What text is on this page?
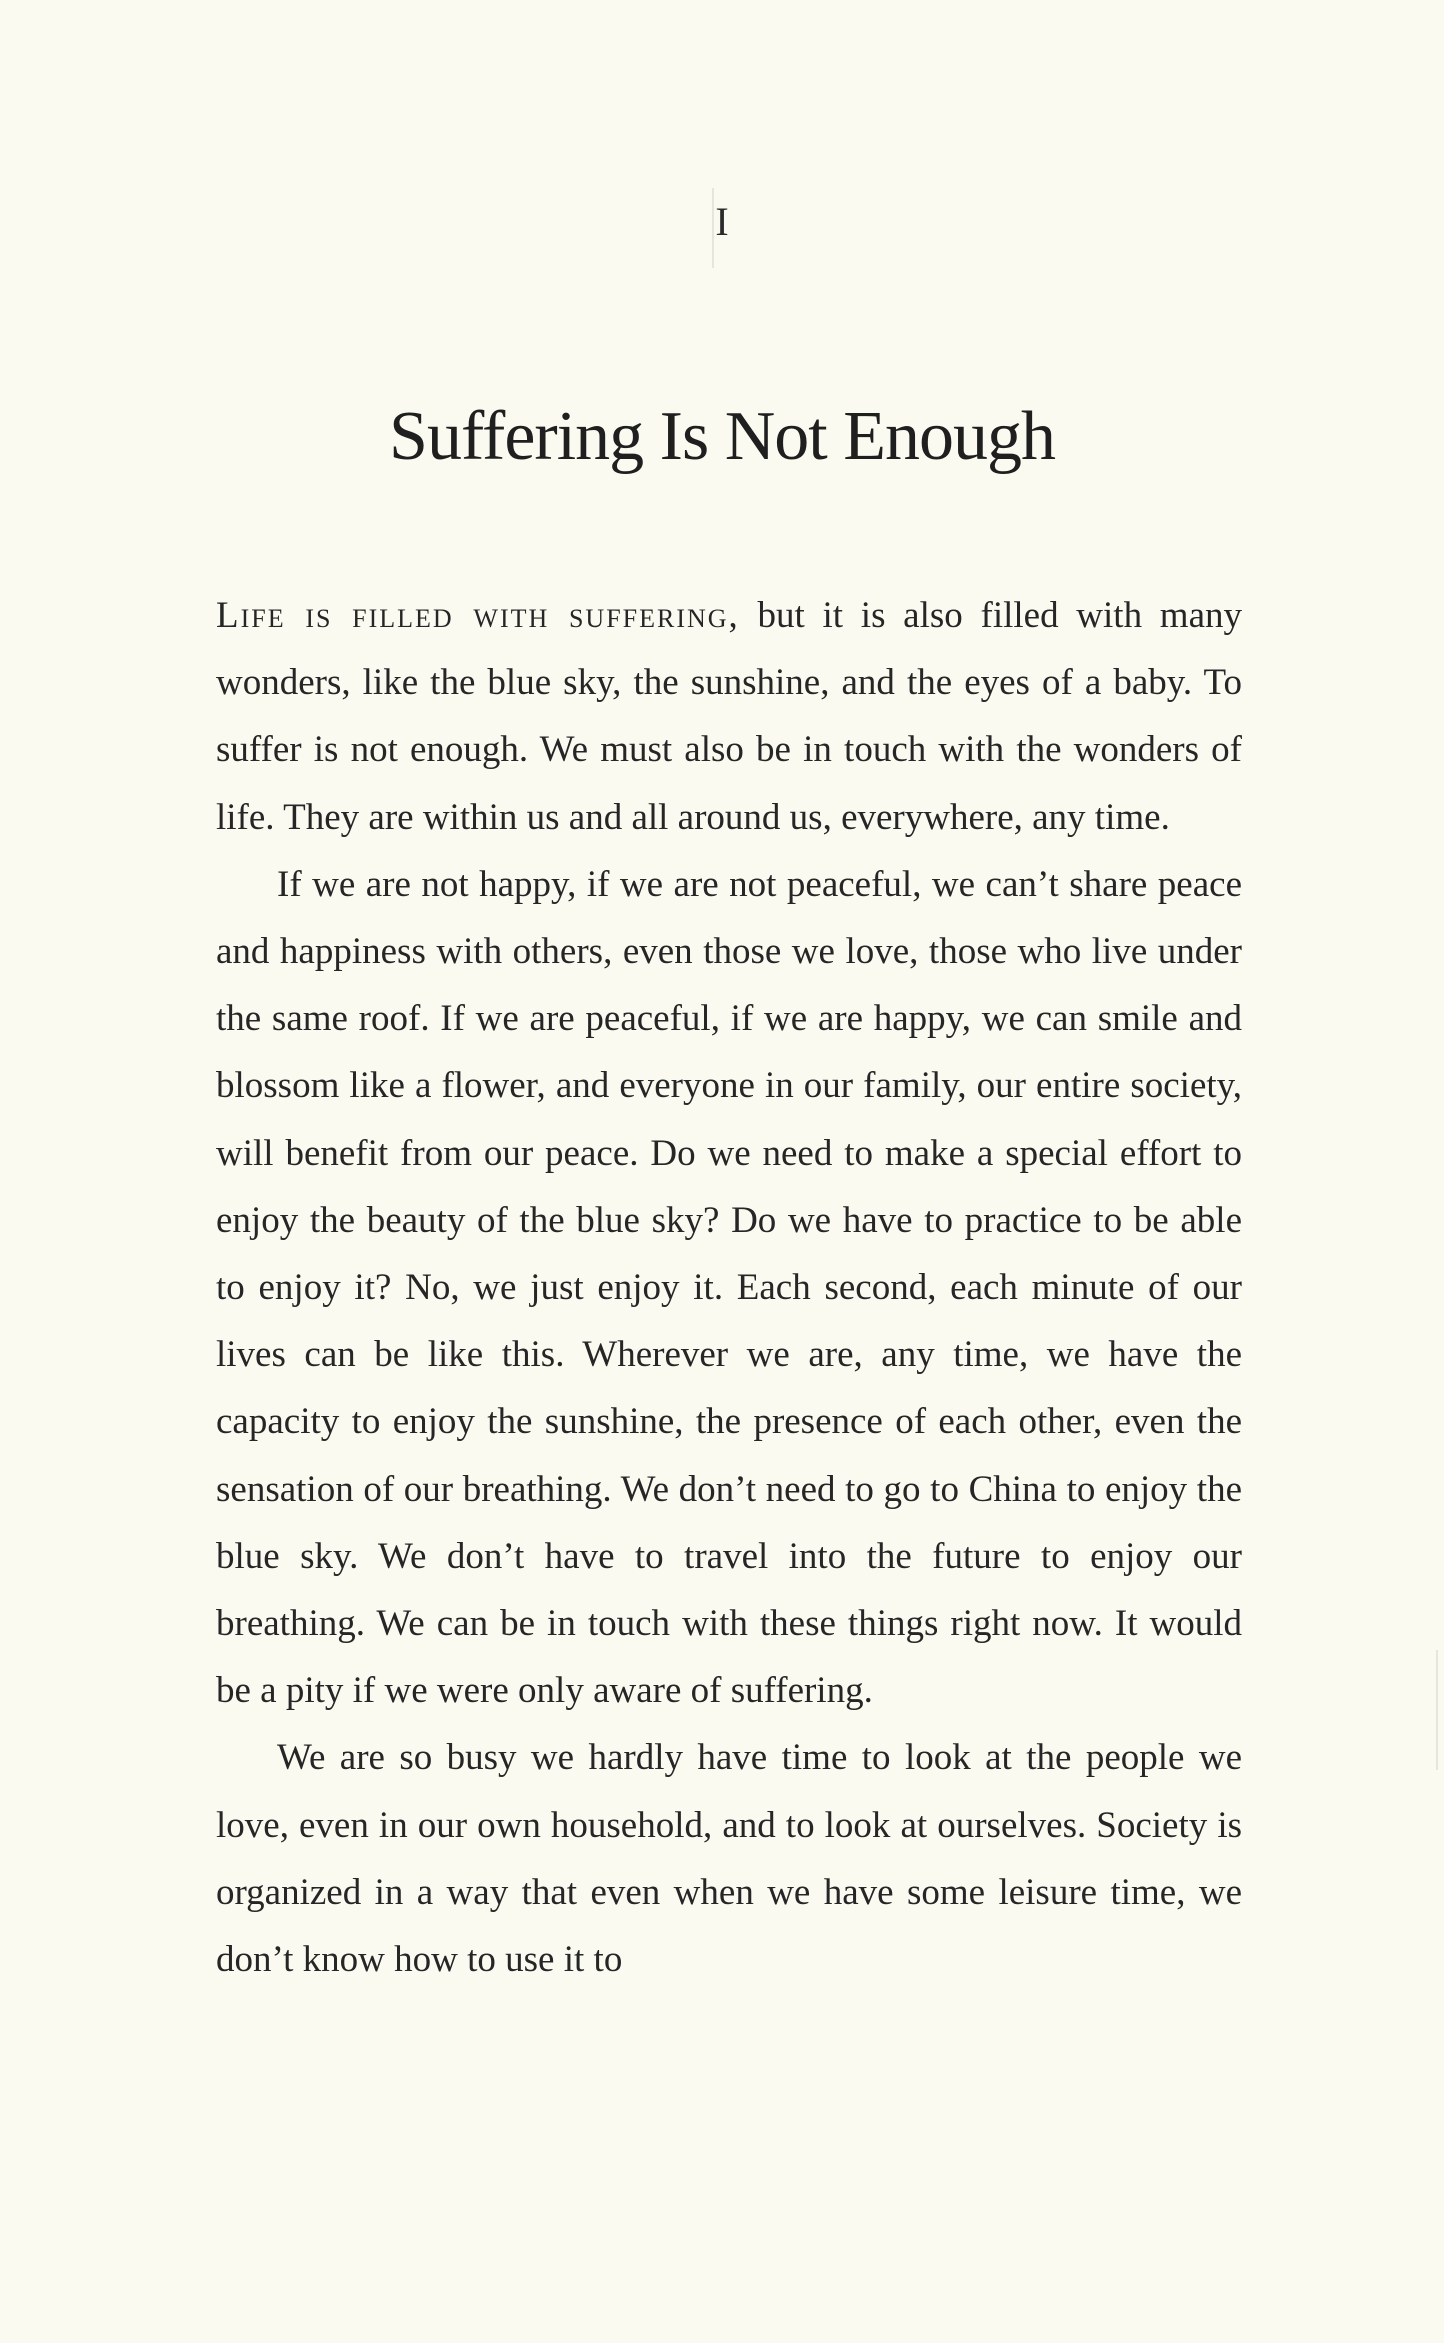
I
Suffering Is Not Enough

Life is filled with suffering, but it is also filled with many wonders, like the blue sky, the sunshine, and the eyes of a baby. To suffer is not enough. We must also be in touch with the wonders of life. They are within us and all around us, everywhere, any time.

If we are not happy, if we are not peaceful, we can’t share peace and happiness with others, even those we love, those who live under the same roof. If we are peaceful, if we are happy, we can smile and blossom like a flower, and everyone in our family, our entire society, will benefit from our peace. Do we need to make a special effort to enjoy the beauty of the blue sky? Do we have to practice to be able to enjoy it? No, we just enjoy it. Each second, each minute of our lives can be like this. Wherever we are, any time, we have the capacity to enjoy the sunshine, the presence of each other, even the sensation of our breathing. We don’t need to go to China to enjoy the blue sky. We don’t have to travel into the future to enjoy our breathing. We can be in touch with these things right now. It would be a pity if we were only aware of suffering.

We are so busy we hardly have time to look at the people we love, even in our own household, and to look at ourselves. Society is organized in a way that even when we have some leisure time, we don’t know how to use it to
